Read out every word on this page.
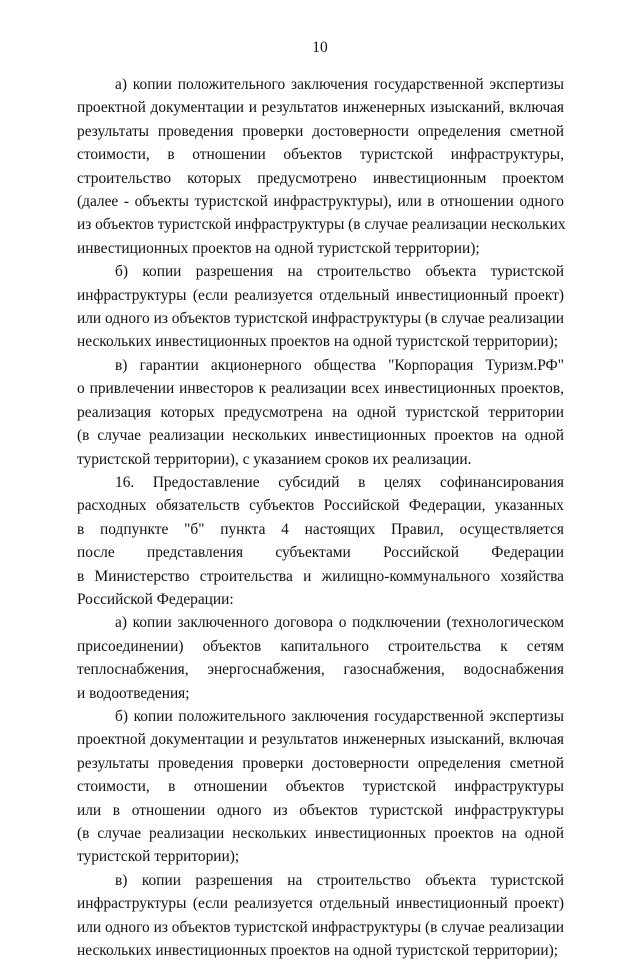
10

а) копии положительного заключения государственной экспертизы
проектной документации и результатов инженерных изысканий, включая
результаты проведения проверки достоверности определения сметной
стоимости, в отношении объектов туристской инфраструктуры,
строительство которых предусмотрено инвестиционным проектом
(далее - объекты туристской инфраструктуры), или в отношении одного
из объектов туристской инфраструктуры (в случае реализации нескольких
инвестиционных проектов на одной туристской территории);

б) копии разрешения на строительство объекта туристской
инфраструктуры (если реализуется отдельный инвестиционный проект)
или одного из объектов туристской инфраструктуры (в случае реализации
нескольких инвестиционных проектов на одной туристской территории);

в) гарантии акционерного общества "Корпорация Туризм.РФ"
о привлечении инвесторов к реализации всех инвестиционных проектов,
реализация которых предусмотрена на одной туристской территории
(в случае реализации нескольких инвестиционных проектов на одной
туристской территории), с указанием сроков их реализации.

16. Предоставление субсидий в целях софинансирования
расходных обязательств субъектов Российской Федерации, указанных
в подпункте "б" пункта 4 настоящих Правил, осуществляется
после представления субъектами Российской Федерации
в Министерство строительства и жилищно-коммунального хозяйства
Российской Федерации:

а) копии заключенного договора о подключении (технологическом
присоединении) объектов капитального строительства к сетям
теплоснабжения, энергоснабжения, газоснабжения, водоснабжения
и водоотведения;

б) копии положительного заключения государственной экспертизы
проектной документации и результатов инженерных изысканий, включая
результаты проведения проверки достоверности определения сметной
стоимости, в отношении объектов туристской инфраструктуры
или в отношении одного из объектов туристской инфраструктуры
(в случае реализации нескольких инвестиционных проектов на одной
туристской территории);

в) копии разрешения на строительство объекта туристской
инфраструктуры (если реализуется отдельный инвестиционный проект)
или одного из объектов туристской инфраструктуры (в случае реализации
нескольких инвестиционных проектов на одной туристской территории);
